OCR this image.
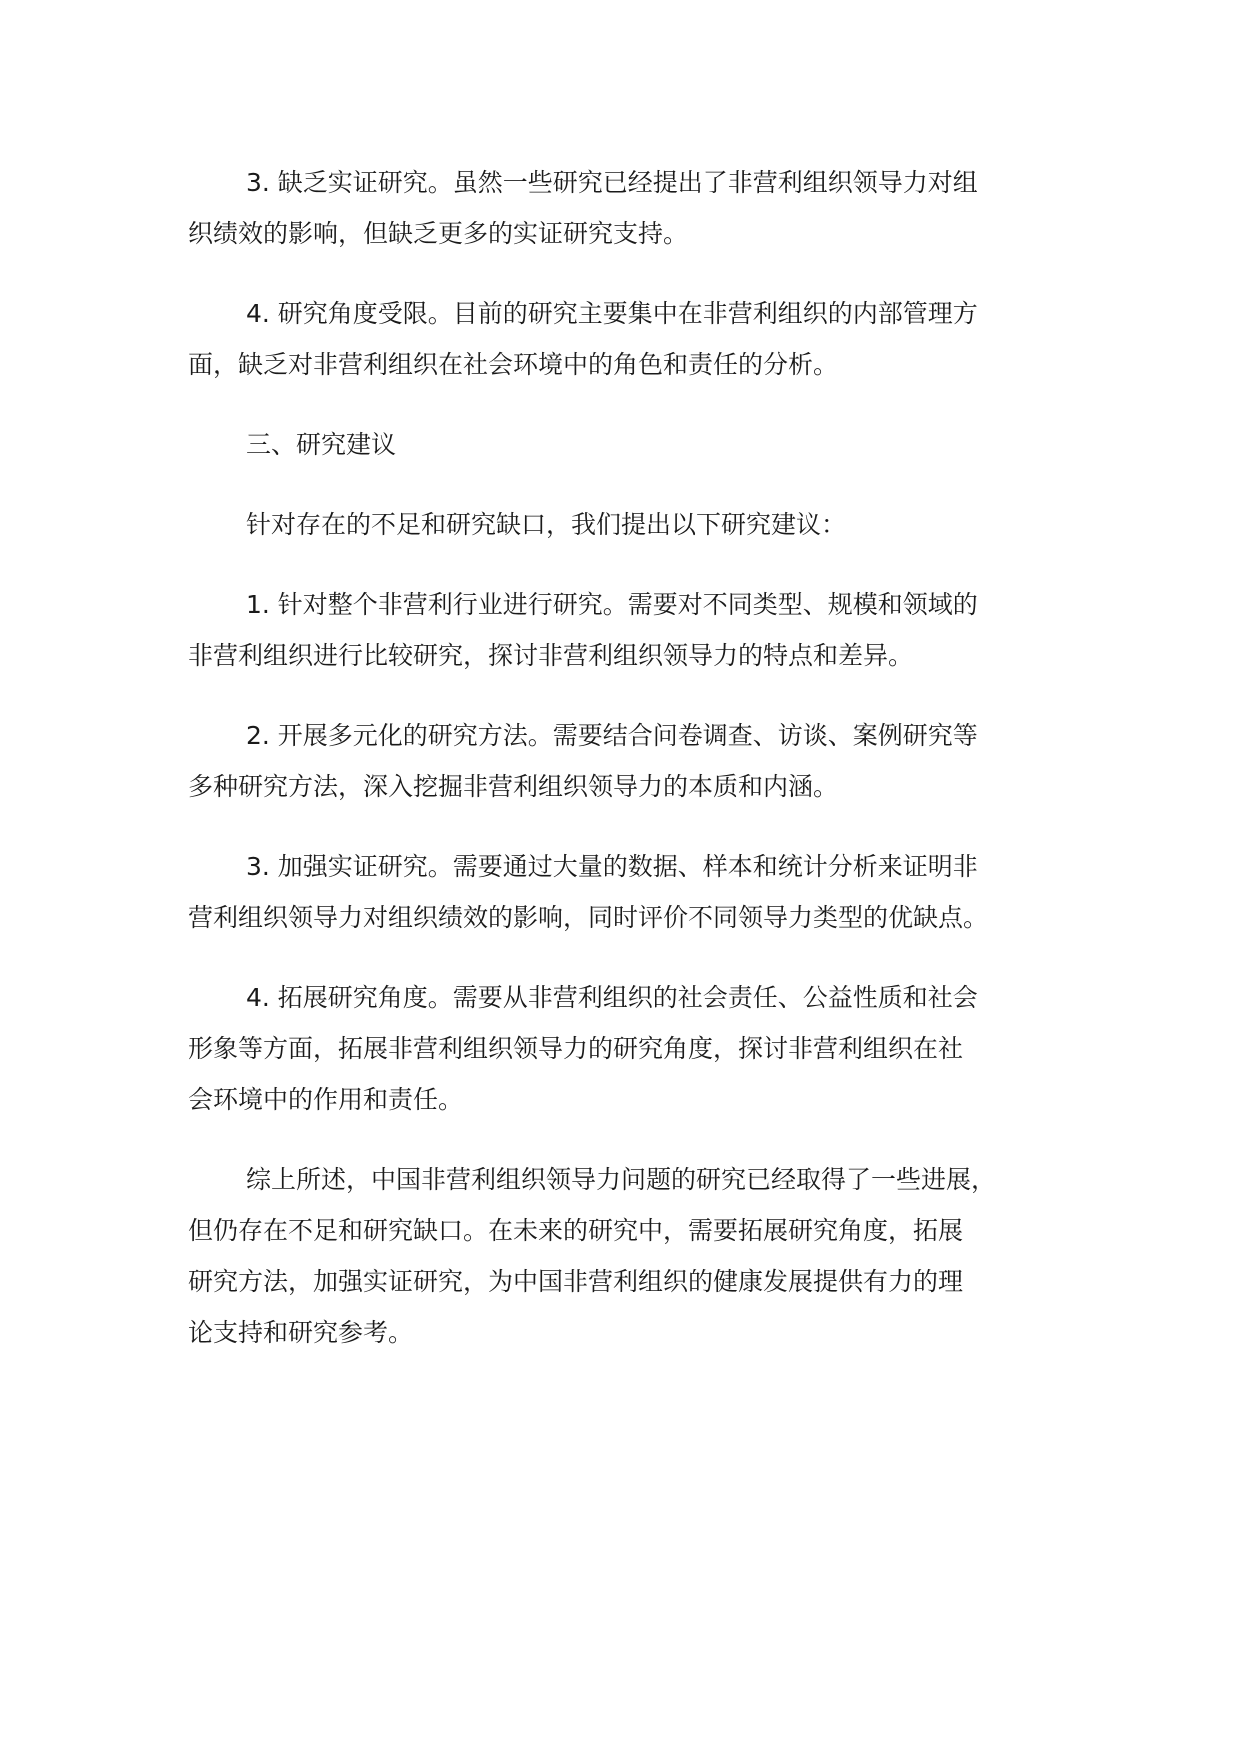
3. 缺乏实证研究。虽然一些研究已经提出了非营利组织领导力对组
织绩效的影响，但缺乏更多的实证研究支持。

4. 研究角度受限。目前的研究主要集中在非营利组织的内部管理方
面，缺乏对非营利组织在社会环境中的角色和责任的分析。

三、研究建议

针对存在的不足和研究缺口，我们提出以下研究建议：

1. 针对整个非营利行业进行研究。需要对不同类型、规模和领域的
非营利组织进行比较研究，探讨非营利组织领导力的特点和差异。

2. 开展多元化的研究方法。需要结合问卷调查、访谈、案例研究等
多种研究方法，深入挖掘非营利组织领导力的本质和内涵。

3. 加强实证研究。需要通过大量的数据、样本和统计分析来证明非
营利组织领导力对组织绩效的影响，同时评价不同领导力类型的优缺点。

4. 拓展研究角度。需要从非营利组织的社会责任、公益性质和社会
形象等方面，拓展非营利组织领导力的研究角度，探讨非营利组织在社
会环境中的作用和责任。

综上所述，中国非营利组织领导力问题的研究已经取得了一些进展，
但仍存在不足和研究缺口。在未来的研究中，需要拓展研究角度，拓展
研究方法，加强实证研究，为中国非营利组织的健康发展提供有力的理
论支持和研究参考。
